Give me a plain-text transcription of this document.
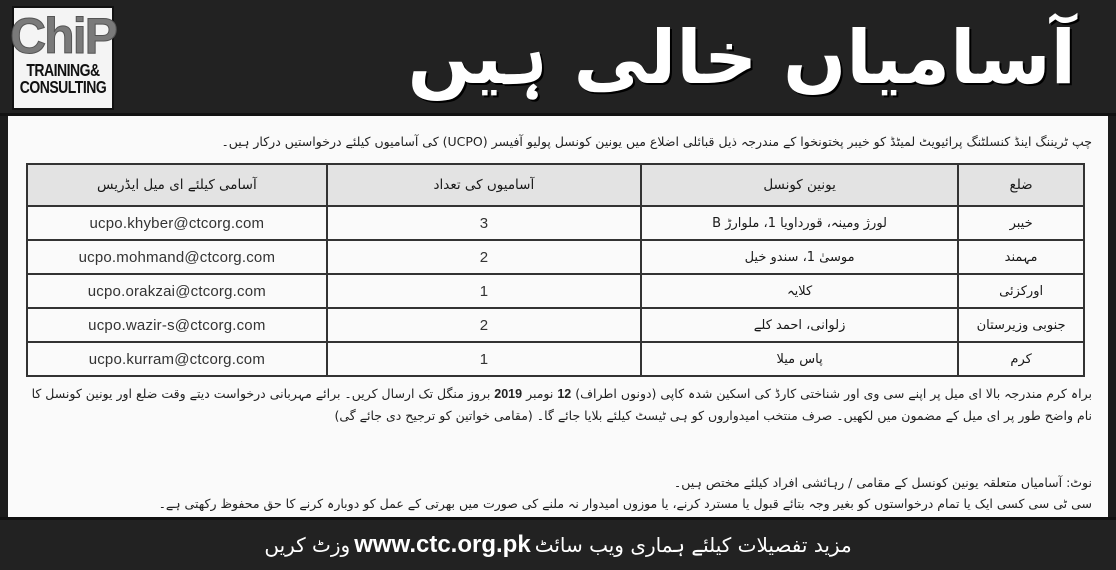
ChiP
TRAINING&
CONSULTING	آسامیاں خالی ہیں
چپ ٹریننگ اینڈ کنسلٹنگ پرائیویٹ لمیٹڈ کو خیبر پختونخوا کے مندرجہ ذیل قبائلی اضلاع میں یونین کونسل پولیو آفیسر (UCPO) کی آسامیوں کیلئے درخواستیں درکار ہیں۔
ضلع	یونین کونسل	آسامیوں کی تعداد	آسامی کیلئے ای میل ایڈریس
خیبر	لورژ ومینہ، قورداویا 1، ملوارڑ B	3	ucpo.khyber@ctcorg.com
مہمند	موسیٰ 1، سندو خیل	2	ucpo.mohmand@ctcorg.com
اورکزئی	کلایہ	1	ucpo.orakzai@ctcorg.com
جنوبی وزیرستان	زلوانی، احمد کلے	2	ucpo.wazir-s@ctcorg.com
کرم	پاس میلا	1	ucpo.kurram@ctcorg.com
براہ کرم مندرجہ بالا ای میل پر اپنے سی وی اور شناختی کارڈ کی اسکین شدہ کاپی (دونوں اطراف) 12 نومبر 2019 بروز منگل تک ارسال کریں۔ برائے مہربانی درخواست دیتے وقت ضلع اور یونین کونسل کا نام واضح طور پر ای میل کے مضمون میں لکھیں۔ صرف منتخب امیدواروں کو ہی ٹیسٹ کیلئے بلایا جائے گا۔ (مقامی خواتین کو ترجیح دی جائے گی)
نوٹ: آسامیاں متعلقہ یونین کونسل کے مقامی / رہائشی افراد کیلئے مختص ہیں۔
سی ٹی سی کسی ایک یا تمام درخواستوں کو بغیر وجہ بتائے قبول یا مسترد کرنے، یا موزوں امیدوار نہ ملنے کی صورت میں بھرتی کے عمل کو دوبارہ کرنے کا حق محفوظ رکھتی ہے۔
مزید تفصیلات کیلئے ہماری ویب سائٹ
www.ctc.org.pk
وزٹ کریں
